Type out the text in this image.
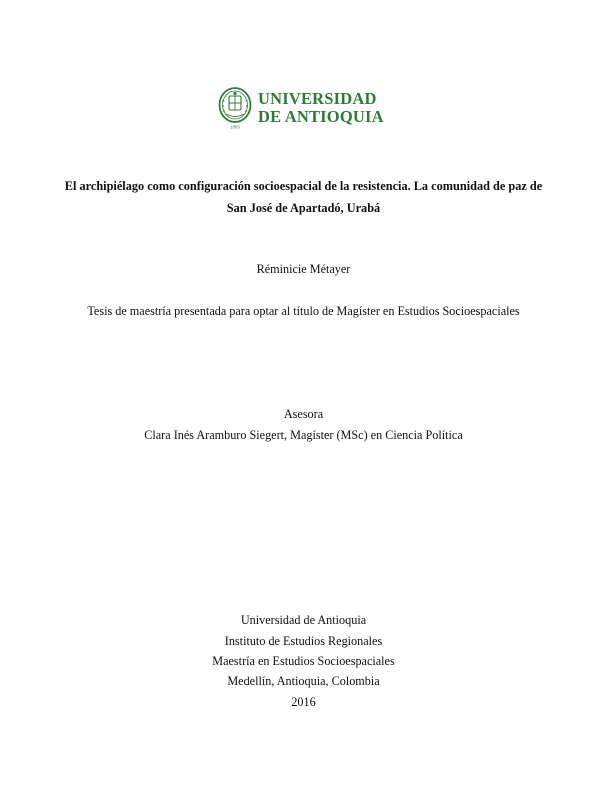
1803
UNIVERSIDAD
DE ANTIOQUIA
El archipiélago como configuración socioespacial de la resistencia. La comunidad de paz de
San José de Apartadó, Urabá
Réminicie Métayer
Tesis de maestría presentada para optar al título de Magíster en Estudios Socioespaciales
Asesora
Clara Inés Aramburo Siegert, Magíster (MSc) en Ciencia Política
Universidad de Antioquia
Instituto de Estudios Regionales
Maestría en Estudios Socioespaciales
Medellín, Antioquia, Colombia
2016
